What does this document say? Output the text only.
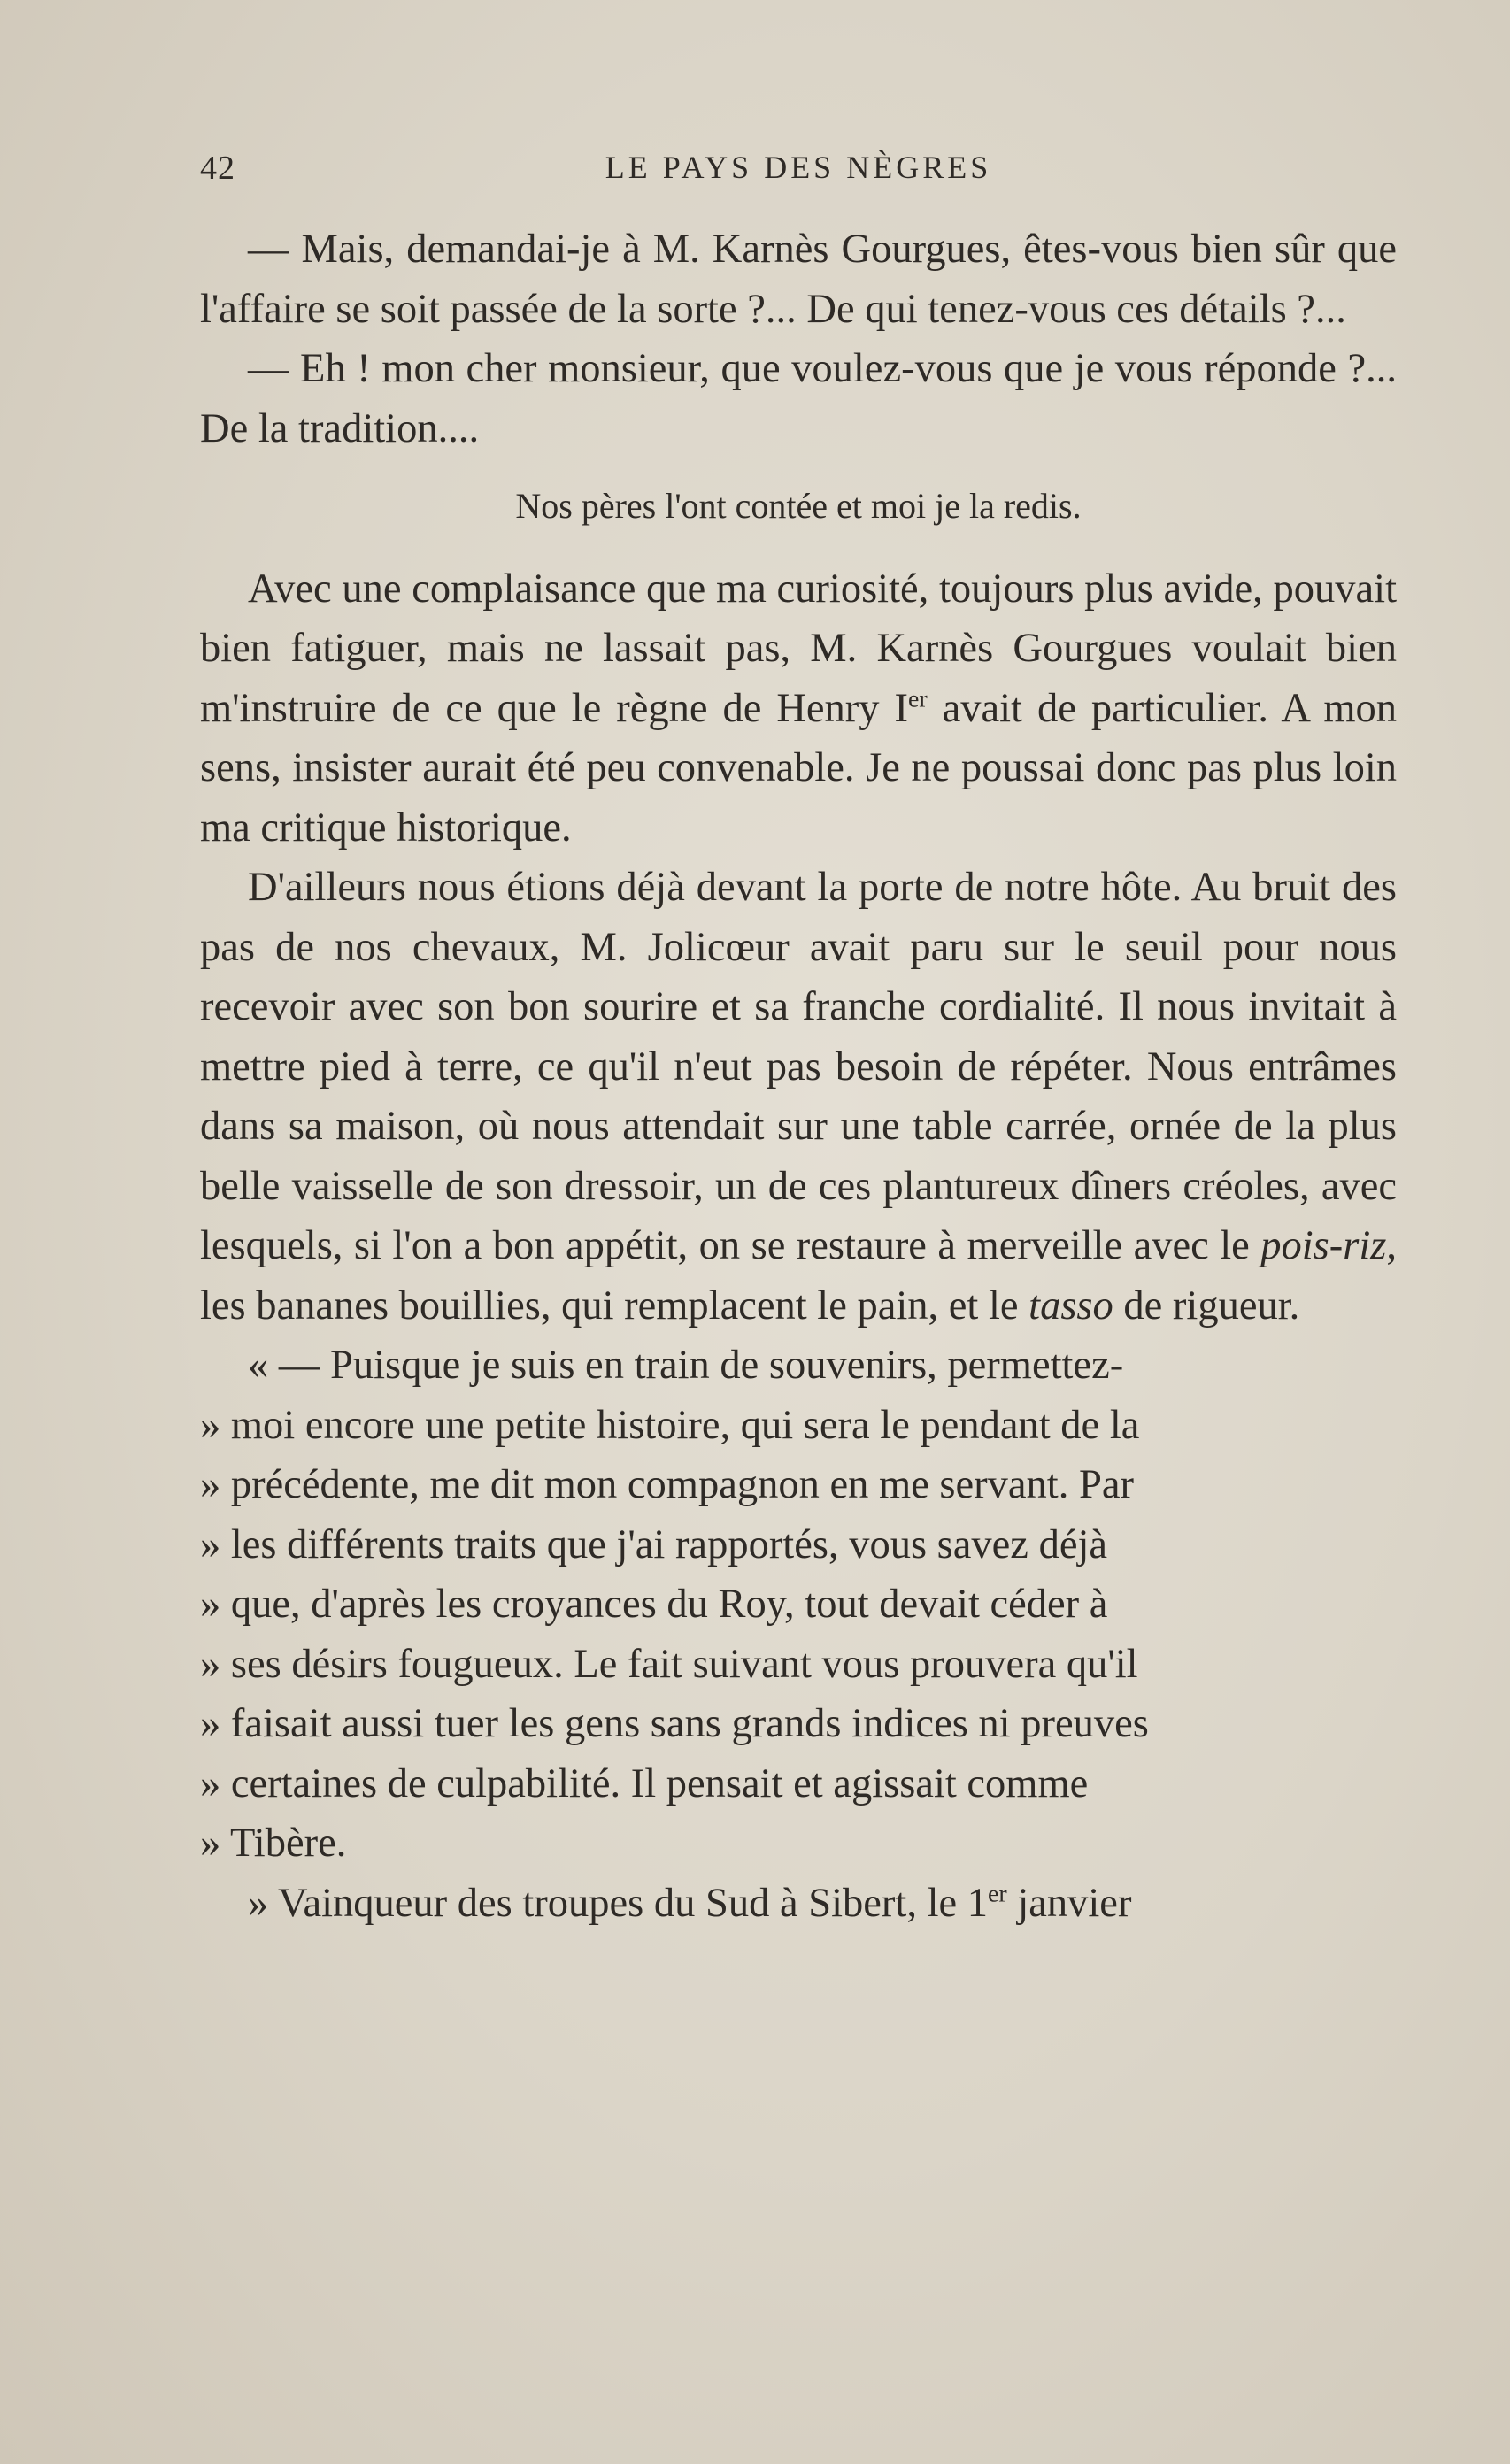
42	LE PAYS DES NÈGRES

— Mais, demandai-je à M. Karnès Gourgues, êtes-vous bien sûr que l'affaire se soit passée de la sorte ?... De qui tenez-vous ces détails ?...

— Eh ! mon cher monsieur, que voulez-vous que je vous réponde ?... De la tradition....

Nos pères l'ont contée et moi je la redis.

Avec une complaisance que ma curiosité, toujours plus avide, pouvait bien fatiguer, mais ne lassait pas, M. Karnès Gourgues voulait bien m'instruire de ce que le règne de Henry Ier avait de particulier. A mon sens, insister aurait été peu convenable. Je ne poussai donc pas plus loin ma critique historique.

D'ailleurs nous étions déjà devant la porte de notre hôte. Au bruit des pas de nos chevaux, M. Jolicœur avait paru sur le seuil pour nous recevoir avec son bon sourire et sa franche cordialité. Il nous invitait à mettre pied à terre, ce qu'il n'eut pas besoin de répéter. Nous entrâmes dans sa maison, où nous attendait sur une table carrée, ornée de la plus belle vaisselle de son dressoir, un de ces plantureux dîners créoles, avec lesquels, si l'on a bon appétit, on se restaure à merveille avec le pois-riz, les bananes bouillies, qui remplacent le pain, et le tasso de rigueur.

« — Puisque je suis en train de souvenirs, permettez-

» moi encore une petite histoire, qui sera le pendant de la

» précédente, me dit mon compagnon en me servant. Par

» les différents traits que j'ai rapportés, vous savez déjà

» que, d'après les croyances du Roy, tout devait céder à

» ses désirs fougueux. Le fait suivant vous prouvera qu'il

» faisait aussi tuer les gens sans grands indices ni preuves

» certaines de culpabilité. Il pensait et agissait comme

» Tibère.

» Vainqueur des troupes du Sud à Sibert, le 1er janvier
